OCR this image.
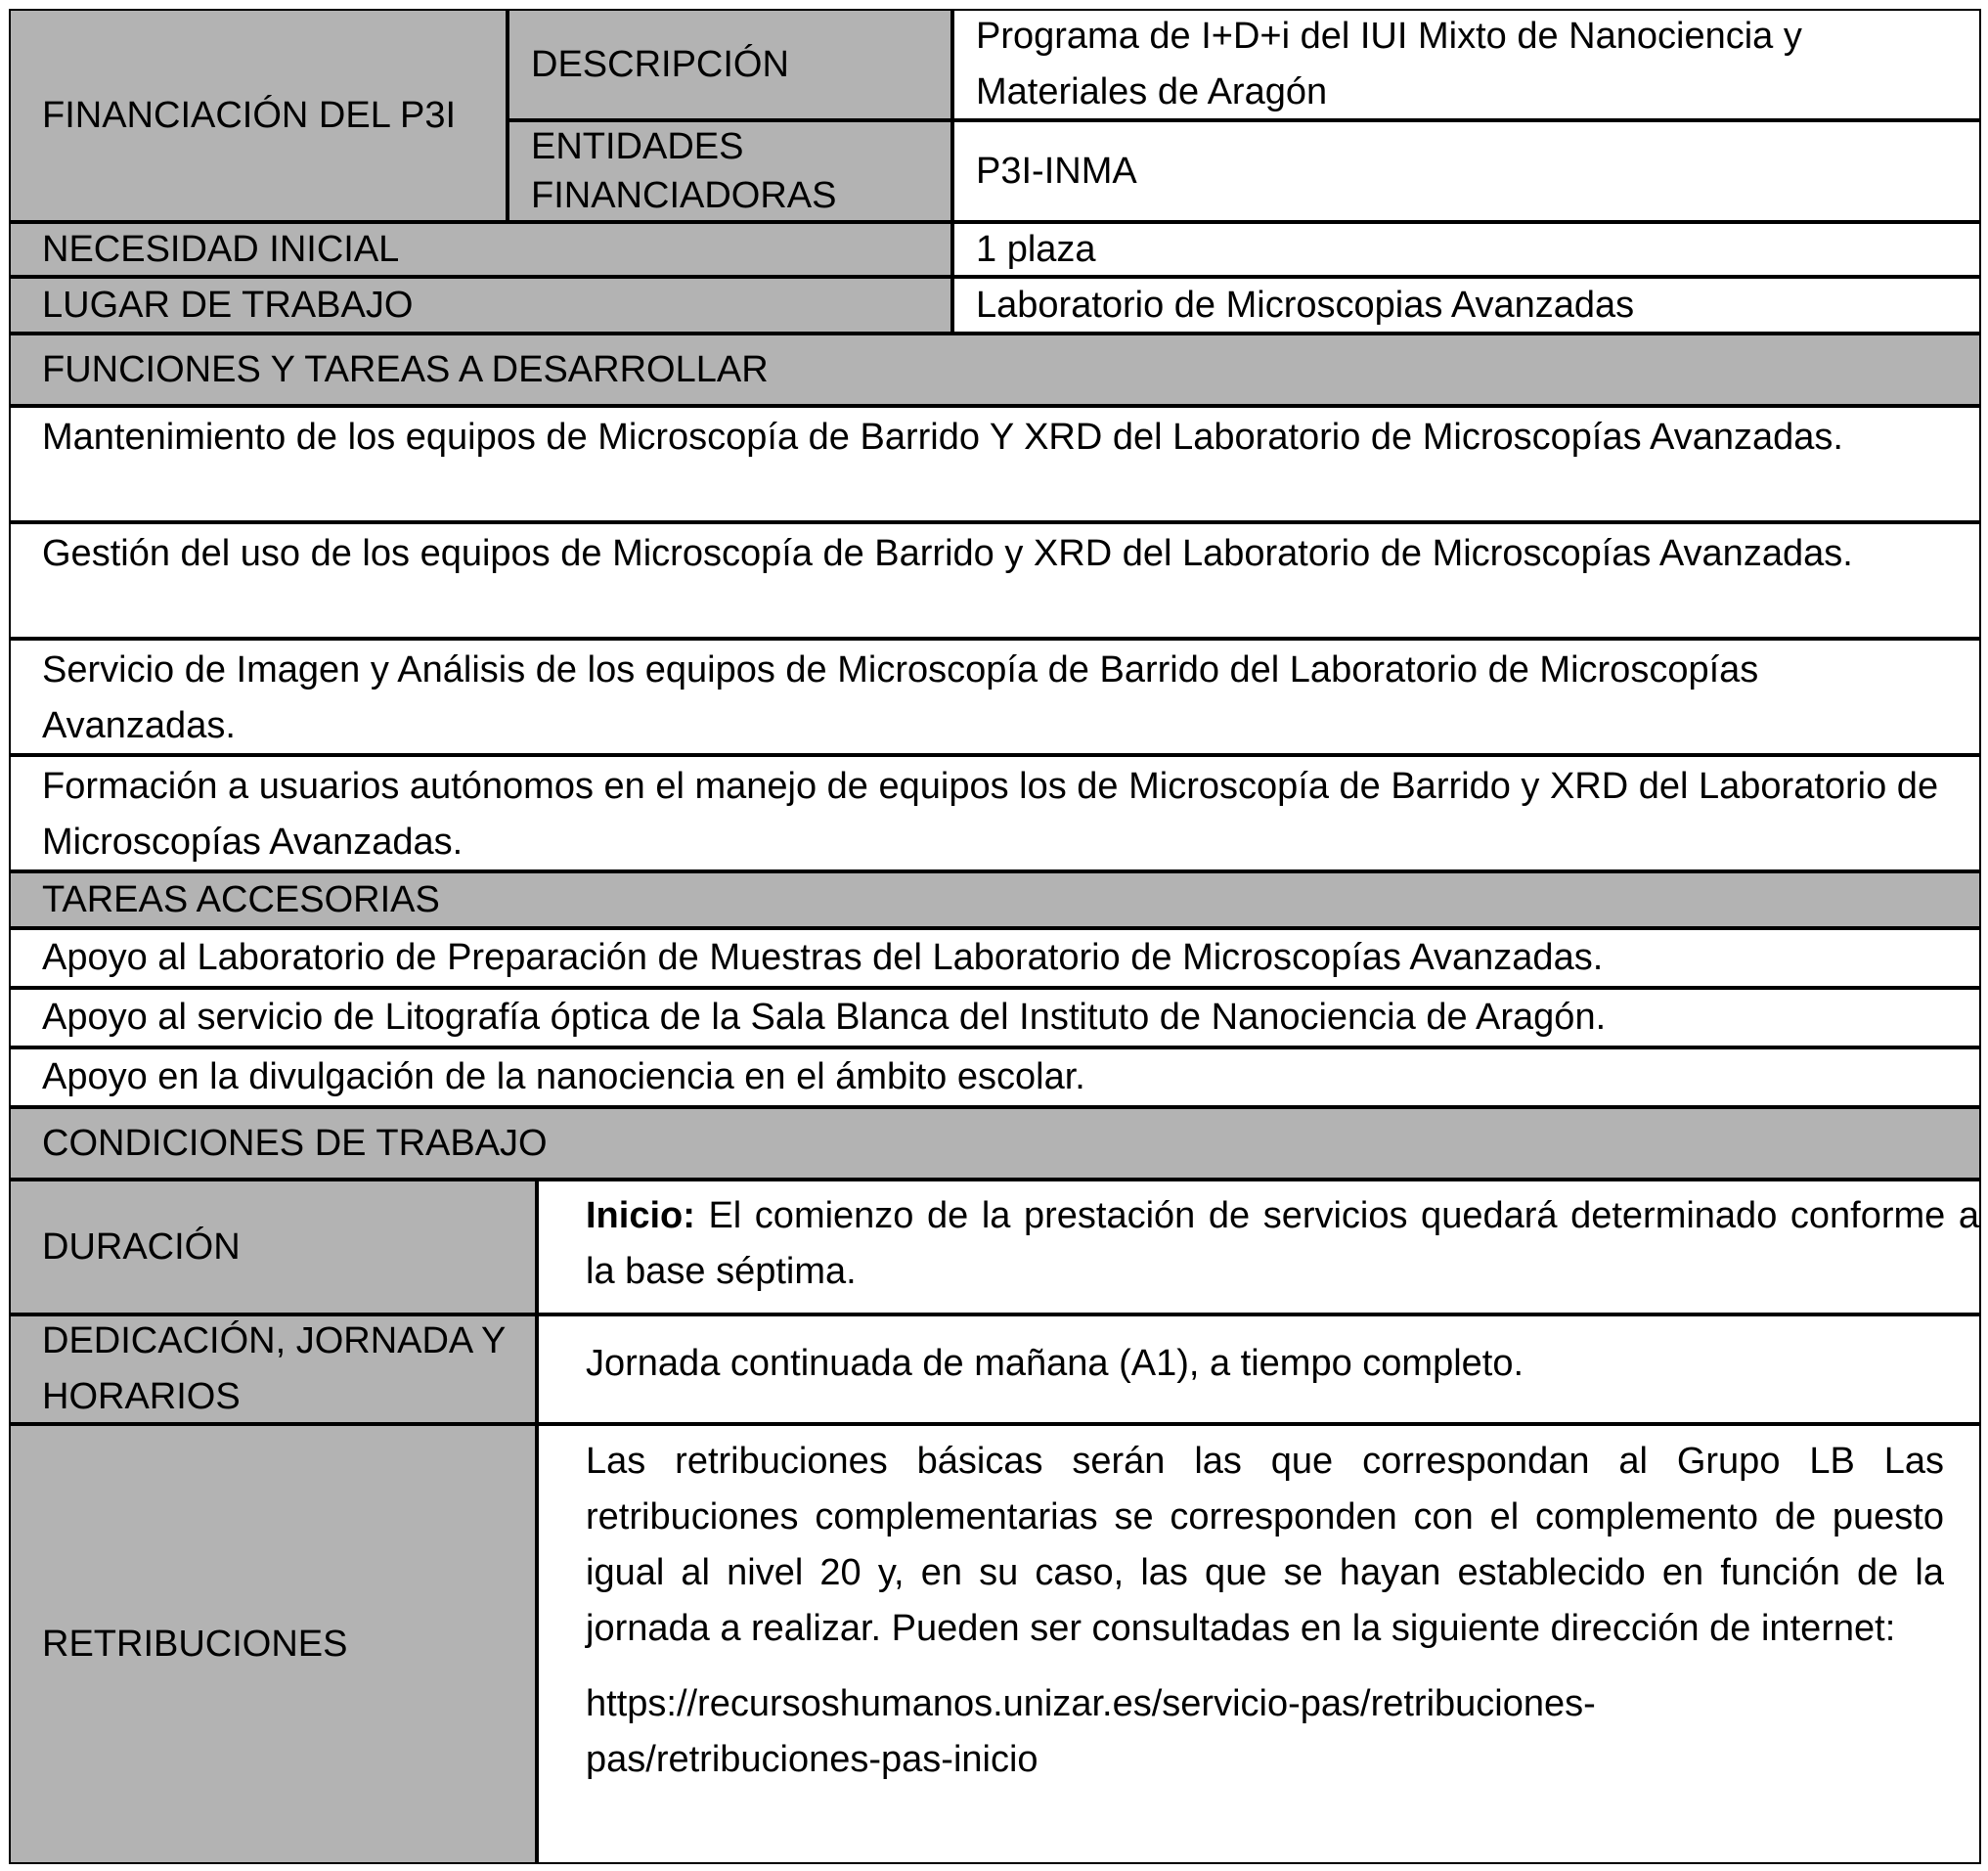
FINANCIACIÓN DEL P3I
DESCRIPCIÓN
Programa de I+D+i del IUI Mixto de Nanociencia y Materiales de Aragón
ENTIDADES FINANCIADORAS
P3I-INMA
NECESIDAD INICIAL	1 plaza
LUGAR DE TRABAJO	Laboratorio de Microscopias Avanzadas
FUNCIONES Y TAREAS A DESARROLLAR
Mantenimiento de los equipos de Microscopía de Barrido Y XRD del Laboratorio de Microscopías Avanzadas.
Gestión del uso de los equipos de Microscopía de Barrido y XRD del Laboratorio de Microscopías Avanzadas.
Servicio de Imagen y Análisis de los equipos de Microscopía de Barrido del Laboratorio de Microscopías Avanzadas.
Formación a usuarios autónomos en el manejo de equipos los de Microscopía de Barrido y XRD del Laboratorio de Microscopías Avanzadas.
TAREAS ACCESORIAS
Apoyo al Laboratorio de Preparación de Muestras del Laboratorio de Microscopías Avanzadas.
Apoyo al servicio de Litografía óptica de la Sala Blanca del Instituto de Nanociencia de Aragón.
Apoyo en la divulgación de la nanociencia en el ámbito escolar.
CONDICIONES DE TRABAJO
DURACIÓN
Inicio: El comienzo de la prestación de servicios quedará determinado conforme a la base séptima.
DEDICACIÓN, JORNADA Y HORARIOS
Jornada continuada de mañana (A1), a tiempo completo.
RETRIBUCIONES
Las retribuciones básicas serán las que correspondan al Grupo LB Las retribuciones complementarias se corresponden con el complemento de puesto igual al nivel 20 y, en su caso, las que se hayan establecido en función de la jornada a realizar. Pueden ser consultadas en la siguiente dirección de internet:
https://recursoshumanos.unizar.es/servicio-pas/retribuciones-pas/retribuciones-pas-inicio
